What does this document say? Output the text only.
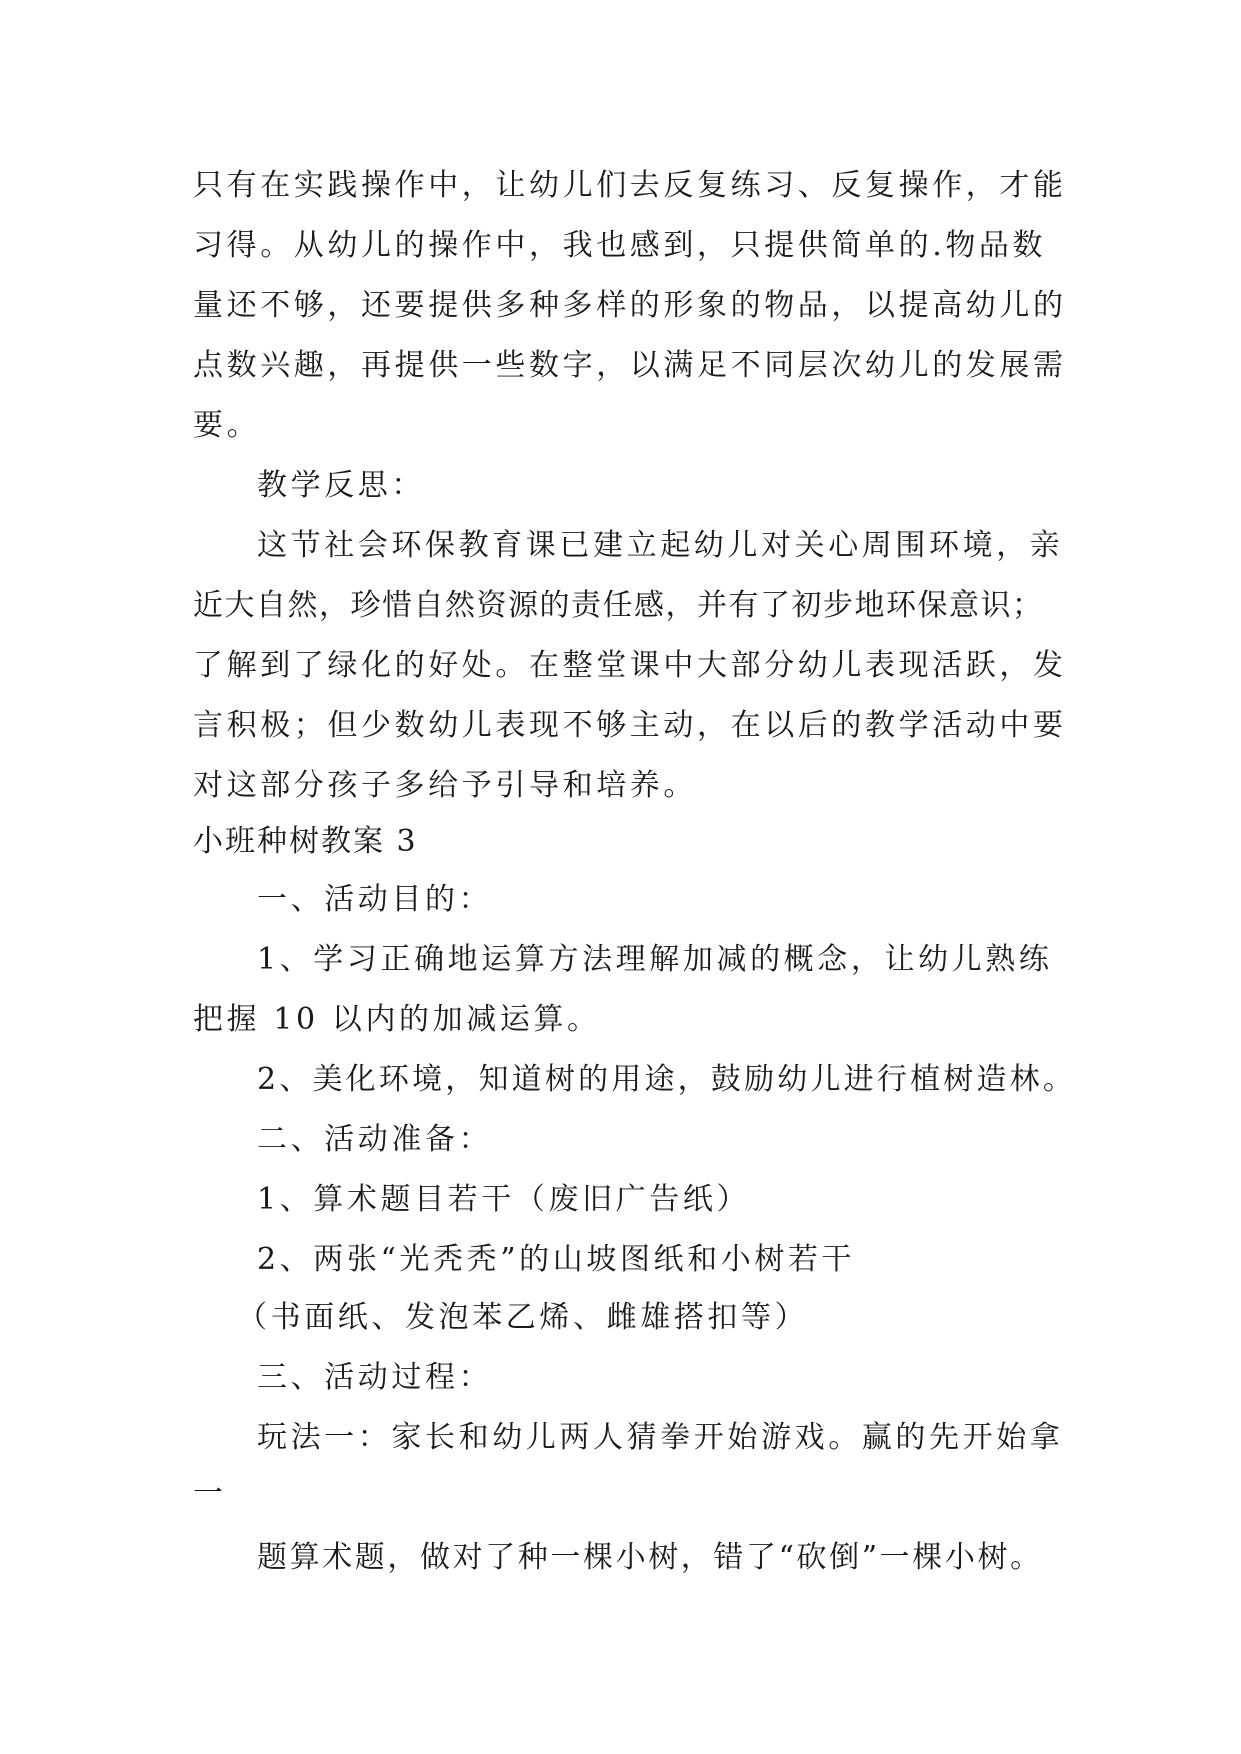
只有在实践操作中，让幼儿们去反复练习、反复操作，才能
习得。从幼儿的操作中，我也感到，只提供简单的.物品数
量还不够，还要提供多种多样的形象的物品，以提高幼儿的
点数兴趣，再提供一些数字，以满足不同层次幼儿的发展需
要。
教学反思：
这节社会环保教育课已建立起幼儿对关心周围环境，亲
近大自然，珍惜自然资源的责任感，并有了初步地环保意识；
了解到了绿化的好处。在整堂课中大部分幼儿表现活跃，发
言积极；但少数幼儿表现不够主动，在以后的教学活动中要
对这部分孩子多给予引导和培养。
小班种树教案 3
一、活动目的：
1、学习正确地运算方法理解加减的概念，让幼儿熟练
把握 10 以内的加减运算。
2、美化环境，知道树的用途，鼓励幼儿进行植树造林。
二、活动准备：
1、算术题目若干（废旧广告纸）
2、两张“光秃秃”的山坡图纸和小树若干
（书面纸、发泡苯乙烯、雌雄搭扣等）
三、活动过程：
玩法一：家长和幼儿两人猜拳开始游戏。赢的先开始拿
一
题算术题，做对了种一棵小树，错了“砍倒”一棵小树。
